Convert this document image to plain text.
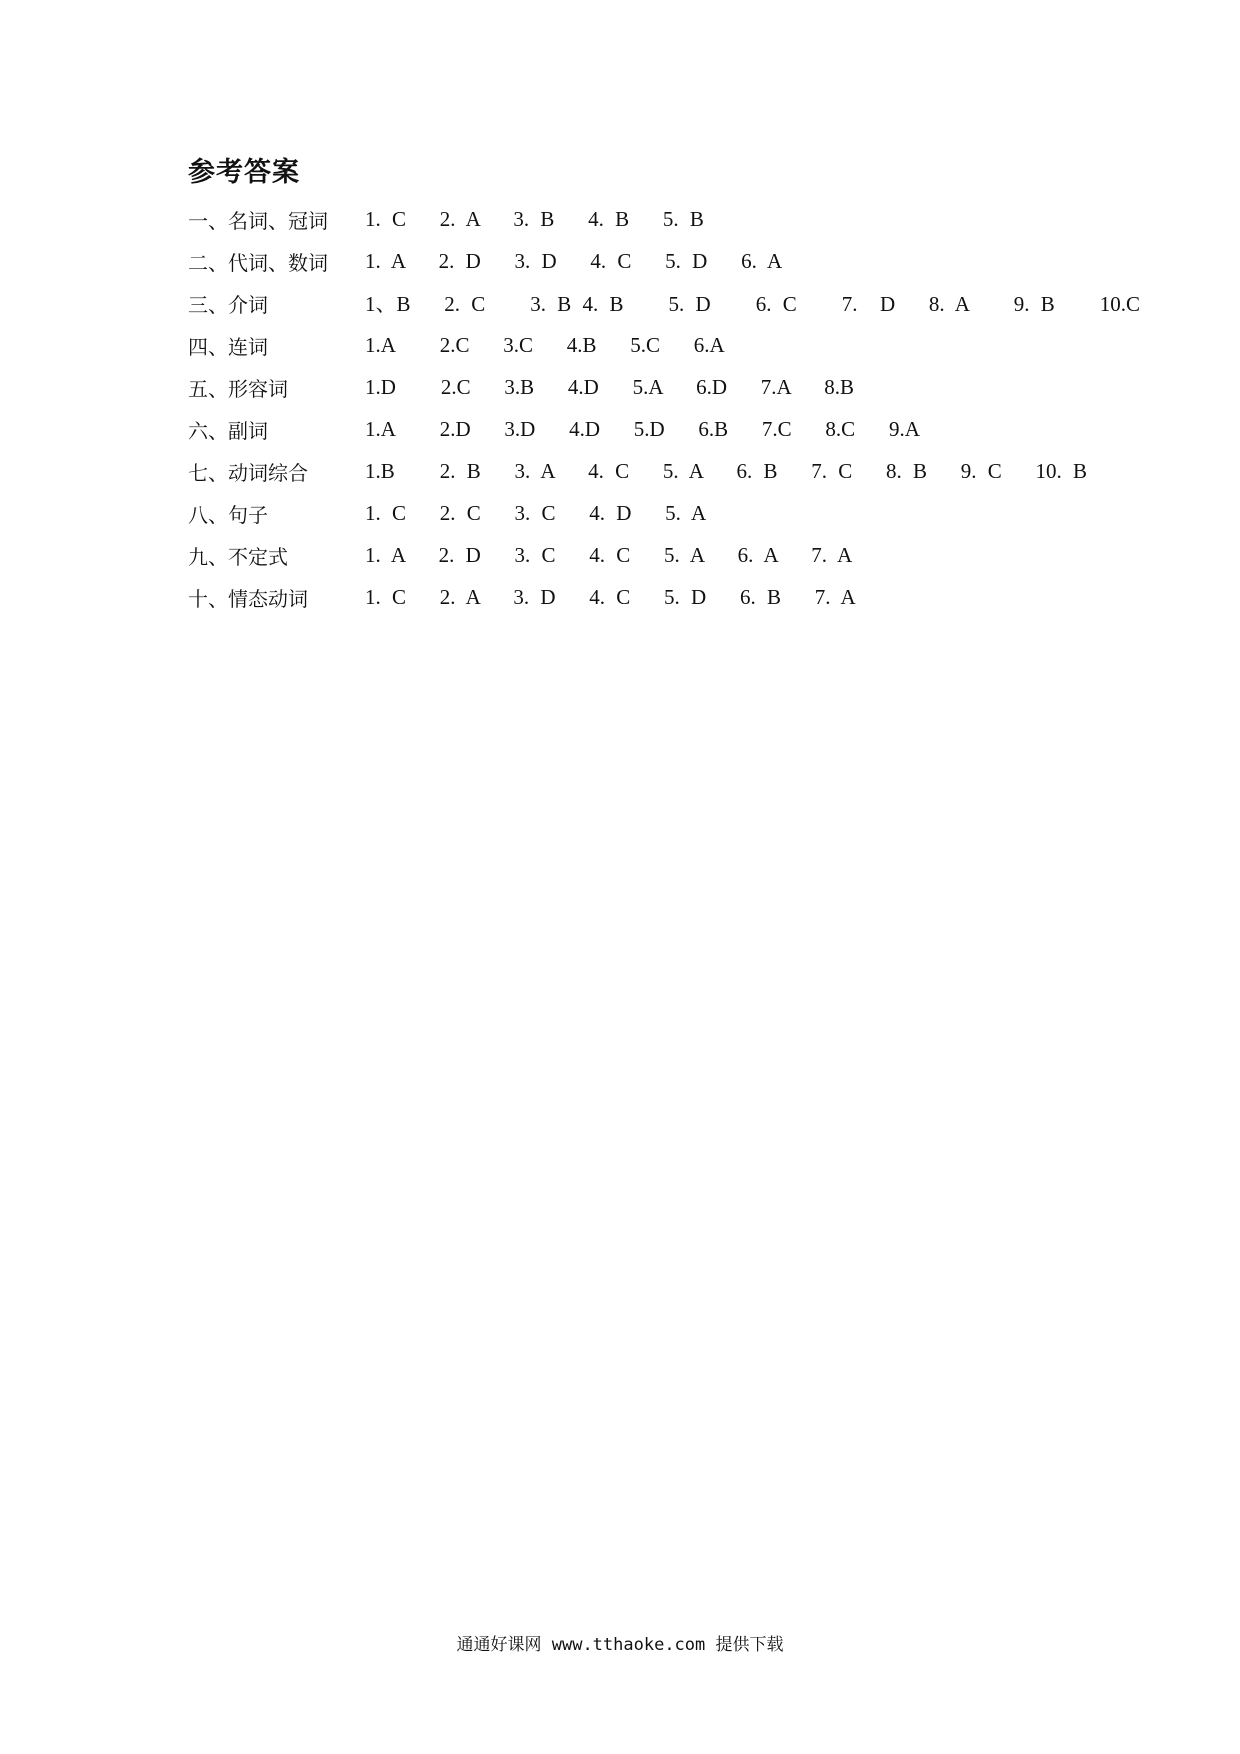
参考答案
一、名词、冠词	1. C   2. A   3. B   4. B   5. B
二、代词、数词	1. A   2. D   3. D   4. C   5. D   6. A
三、介词	1、B   2. C    3. B 4. B    5. D    6. C    7.  D   8. A    9. B    10.C
四、连词	1.A    2.C   3.C   4.B   5.C   6.A
五、形容词	1.D    2.C   3.B   4.D   5.A   6.D   7.A   8.B
六、副词	1.A    2.D   3.D   4.D   5.D   6.B   7.C   8.C   9.A
七、动词综合	1.B    2. B   3. A   4. C   5. A   6. B   7. C   8. B   9. C   10. B
八、句子	1. C   2. C   3. C   4. D   5. A
九、不定式	1. A   2. D   3. C   4. C   5. A   6. A   7. A
十、情态动词	1. C   2. A   3. D   4. C   5. D   6. B   7. A
通通好课网 www.tthaoke.com 提供下载
